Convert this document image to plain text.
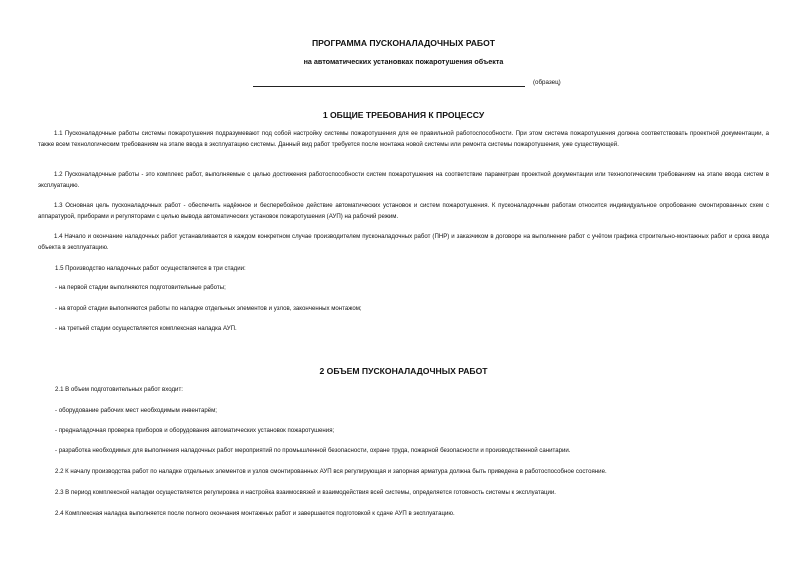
ПРОГРАММА ПУСКОНАЛАДОЧНЫХ РАБОТ
на автоматических установках пожаротушения объекта
(образец)
1 ОБЩИЕ ТРЕБОВАНИЯ К ПРОЦЕССУ
1.1 Пусконаладочные работы системы пожаротушения подразумевают под собой настройку системы пожаротушения для ее правильной работоспособности. При этом система пожаротушения должна соответствовать проектной документации, а также всем технологическим требованиям на этапе ввода в эксплуатацию системы. Данный вид работ требуется после монтажа новой системы или ремонта системы пожаротушения, уже существующей.
1.2 Пусконаладочные работы - это комплекс работ, выполняемые с целью достижения работоспособности систем пожаротушения на соответствие параметрам проектной документации или технологическим требованиям на этапе ввода систем в эксплуатацию.
1.3 Основная цель пусконаладочных работ - обеспечить надёжное и бесперебойное действие автоматических установок и систем пожаротушения. К пусконаладочным работам относится индивидуальное опробование смонтированных схем с аппаратурой, приборами и регуляторами с целью вывода автоматических установок пожаротушения (АУП) на рабочий режим.
1.4 Начало и окончание наладочных работ устанавливается в каждом конкретном случае производителем пусконаладочных работ (ПНР) и заказчиком в договоре на выполнение работ с учётом графика строительно-монтажных работ и срока ввода объекта в эксплуатацию.
1.5 Производство наладочных работ осуществляется в три стадии:
- на первой стадии выполняются подготовительные работы;
- на второй стадии выполняются работы по наладке отдельных элементов и узлов, законченных монтажом;
- на третьей стадии осуществляется комплексная наладка АУП.
2 ОБЪЕМ ПУСКОНАЛАДОЧНЫХ РАБОТ
2.1 В объем подготовительных работ входит:
- оборудование рабочих мест необходимым инвентарём;
- предналадочная проверка приборов и оборудования автоматических установок пожаротушения;
- разработка необходимых для выполнения наладочных работ мероприятий по промышленной безопасности, охране труда, пожарной безопасности и производственной санитарии.
2.2 К началу производства работ по наладке отдельных элементов и узлов смонтированных АУП вся регулирующая и запорная арматура должна быть приведена в работоспособное состояние.
2.3 В период комплексной наладки осуществляется регулировка и настройка взаимосвязей и взаимодействия всей системы, определяется готовность системы к эксплуатации.
2.4 Комплексная наладка выполняется после полного окончания монтажных работ и завершается подготовкой к сдаче АУП в эксплуатацию.
